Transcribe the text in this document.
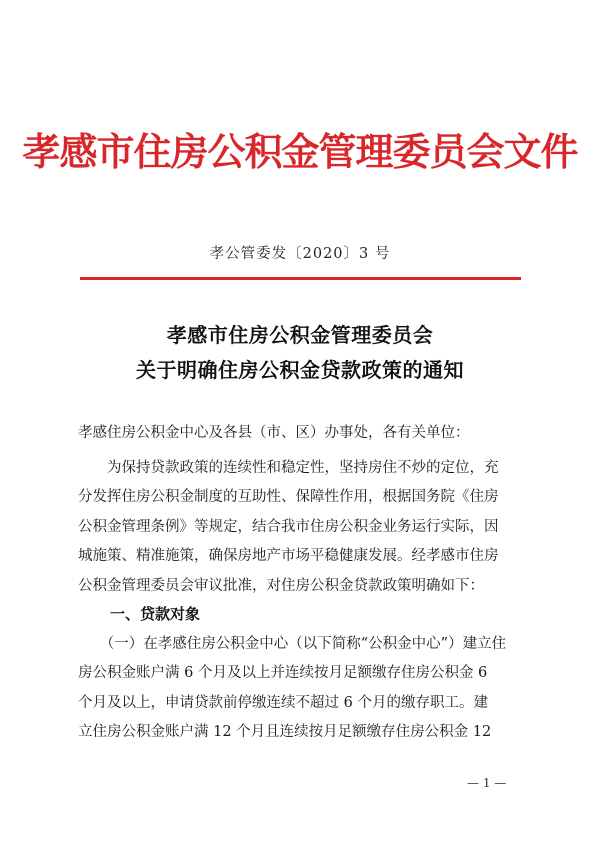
孝感市住房公积金管理委员会文件
孝公管委发〔2020〕3 号
孝感市住房公积金管理委员会
关于明确住房公积金贷款政策的通知
孝感住房公积金中心及各县（市、区）办事处，各有关单位：
　　为保持贷款政策的连续性和稳定性，坚持房住不炒的定位，充
分发挥住房公积金制度的互助性、保障性作用，根据国务院《住房
公积金管理条例》等规定，结合我市住房公积金业务运行实际，因
城施策、精准施策，确保房地产市场平稳健康发展。经孝感市住房
公积金管理委员会审议批准，对住房公积金贷款政策明确如下：
一、贷款对象
　　（一）在孝感住房公积金中心（以下简称“公积金中心”）建立住
房公积金账户满 6 个月及以上并连续按月足额缴存住房公积金 6
个月及以上，申请贷款前停缴连续不超过 6 个月的缴存职工。建
立住房公积金账户满 12 个月且连续按月足额缴存住房公积金 12
— 1 —
